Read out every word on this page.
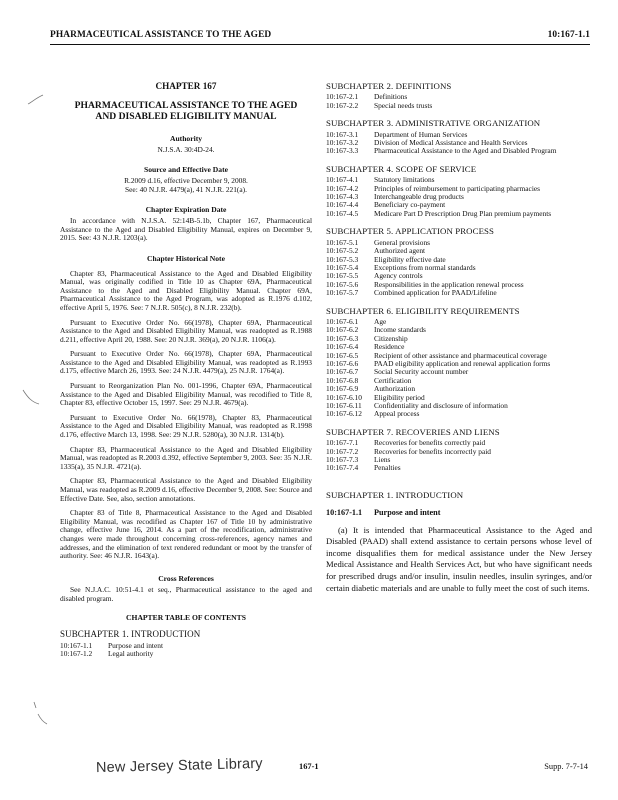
PHARMACEUTICAL ASSISTANCE TO THE AGED	10:167-1.1
CHAPTER 167
PHARMACEUTICAL ASSISTANCE TO THE AGED
AND DISABLED ELIGIBILITY MANUAL
Authority
N.J.S.A. 30:4D-24.
Source and Effective Date
R.2009 d.16, effective December 9, 2008.
See: 40 N.J.R. 4479(a), 41 N.J.R. 221(a).
Chapter Expiration Date

In accordance with N.J.S.A. 52:14B-5.1b, Chapter 167, Pharmaceutical Assistance to the Aged and Disabled Eligibility Manual, expires on December 9, 2015. See: 43 N.J.R. 1203(a).

Chapter Historical Note

Chapter 83, Pharmaceutical Assistance to the Aged and Disabled Eligibility Manual, was originally codified in Title 10 as Chapter 69A, Pharmaceutical Assistance to the Aged and Disabled Eligibility Manual. Chapter 69A, Pharmaceutical Assistance to the Aged Program, was adopted as R.1976 d.102, effective April 5, 1976. See: 7 N.J.R. 505(c), 8 N.J.R. 232(b).

Pursuant to Executive Order No. 66(1978), Chapter 69A, Pharmaceutical Assistance to the Aged and Disabled Eligibility Manual, was readopted as R.1988 d.211, effective April 20, 1988. See: 20 N.J.R. 369(a), 20 N.J.R. 1106(a).

Pursuant to Executive Order No. 66(1978), Chapter 69A, Pharmaceutical Assistance to the Aged and Disabled Eligibility Manual, was readopted as R.1993 d.175, effective March 26, 1993. See: 24 N.J.R. 4479(a), 25 N.J.R. 1764(a).

Pursuant to Reorganization Plan No. 001-1996, Chapter 69A, Pharmaceutical Assistance to the Aged and Disabled Eligibility Manual, was recodified to Title 8, Chapter 83, effective October 15, 1997. See: 29 N.J.R. 4679(a).

Pursuant to Executive Order No. 66(1978), Chapter 83, Pharmaceutical Assistance to the Aged and Disabled Eligibility Manual, was readopted as R.1998 d.176, effective March 13, 1998. See: 29 N.J.R. 5280(a), 30 N.J.R. 1314(b).

Chapter 83, Pharmaceutical Assistance to the Aged and Disabled Eligibility Manual, was readopted as R.2003 d.392, effective September 9, 2003. See: 35 N.J.R. 1335(a), 35 N.J.R. 4721(a).

Chapter 83, Pharmaceutical Assistance to the Aged and Disabled Eligibility Manual, was readopted as R.2009 d.16, effective December 9, 2008. See: Source and Effective Date. See, also, section annotations.

Chapter 83 of Title 8, Pharmaceutical Assistance to the Aged and Disabled Eligibility Manual, was recodified as Chapter 167 of Title 10 by administrative change, effective June 16, 2014. As a part of the recodification, administrative changes were made throughout concerning cross-references, agency names and addresses, and the elimination of text rendered redundant or moot by the transfer of authority. See: 46 N.J.R. 1643(a).

Cross References

See N.J.A.C. 10:51-4.1 et seq., Pharmaceutical assistance to the aged and disabled program.

CHAPTER TABLE OF CONTENTS
SUBCHAPTER 1. INTRODUCTION
10:167-1.1	Purpose and intent
10:167-1.2	Legal authority
SUBCHAPTER 2. DEFINITIONS
10:167-2.1	Definitions
10:167-2.2	Special needs trusts
SUBCHAPTER 3. ADMINISTRATIVE ORGANIZATION
10:167-3.1	Department of Human Services
10:167-3.2	Division of Medical Assistance and Health Services
10:167-3.3	Pharmaceutical Assistance to the Aged and Disabled Program
SUBCHAPTER 4. SCOPE OF SERVICE
10:167-4.1	Statutory limitations
10:167-4.2	Principles of reimbursement to participating pharmacies
10:167-4.3	Interchangeable drug products
10:167-4.4	Beneficiary co-payment
10:167-4.5	Medicare Part D Prescription Drug Plan premium payments
SUBCHAPTER 5. APPLICATION PROCESS
10:167-5.1	General provisions
10:167-5.2	Authorized agent
10:167-5.3	Eligibility effective date
10:167-5.4	Exceptions from normal standards
10:167-5.5	Agency controls
10:167-5.6	Responsibilities in the application renewal process
10:167-5.7	Combined application for PAAD/Lifeline
SUBCHAPTER 6. ELIGIBILITY REQUIREMENTS
10:167-6.1	Age
10:167-6.2	Income standards
10:167-6.3	Citizenship
10:167-6.4	Residence
10:167-6.5	Recipient of other assistance and pharmaceutical coverage
10:167-6.6	PAAD eligibility application and renewal application forms
10:167-6.7	Social Security account number
10:167-6.8	Certification
10:167-6.9	Authorization
10:167-6.10	Eligibility period
10:167-6.11	Confidentiality and disclosure of information
10:167-6.12	Appeal process
SUBCHAPTER 7. RECOVERIES AND LIENS
10:167-7.1	Recoveries for benefits correctly paid
10:167-7.2	Recoveries for benefits incorrectly paid
10:167-7.3	Liens
10:167-7.4	Penalties
SUBCHAPTER 1. INTRODUCTION
10:167-1.1	Purpose and intent

(a) It is intended that Pharmaceutical Assistance to the Aged and Disabled (PAAD) shall extend assistance to certain persons whose level of income disqualifies them for medical assistance under the New Jersey Medical Assistance and Health Services Act, but who have significant needs for prescribed drugs and/or insulin, insulin needles, insulin syringes, and/or certain diabetic materials and are unable to fully meet the cost of such items.

New Jersey State Library	167-1	Supp. 7-7-14
